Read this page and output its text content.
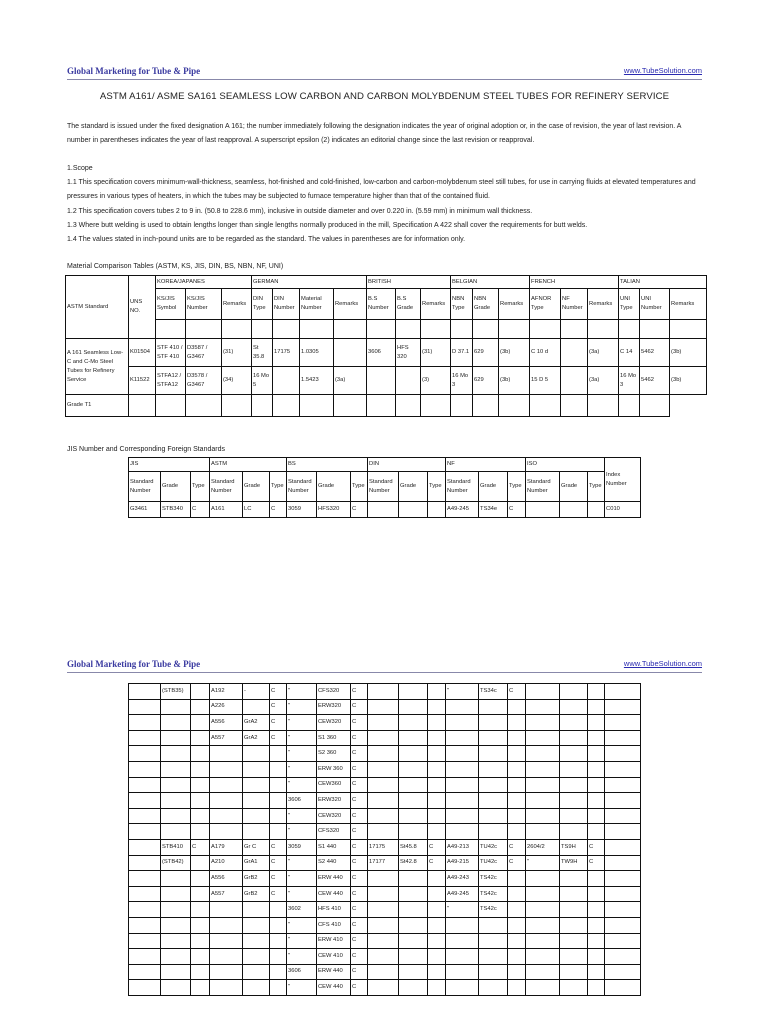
Global Marketing for Tube & Pipe	www.TubeSolution.com
ASTM A161/ ASME SA161 SEAMLESS LOW CARBON AND CARBON MOLYBDENUM STEEL TUBES FOR REFINERY SERVICE

The standard is issued under the fixed designation A 161; the number immediately following the designation indicates the year of original adoption or, in the case of revision, the year of last revision. A number in parentheses indicates the year of last reapproval. A superscript epsilon (2) indicates an editorial change since the last revision or reapproval.

1.Scope

1.1 This specification covers minimum-wall-thickness, seamless, hot-finished and cold-finished, low-carbon and carbon-molybdenum steel still tubes, for use in carrying fluids at elevated temperatures and pressures in various types of heaters, in which the tubes may be subjected to furnace temperature higher than that of the contained fluid.

1.2 This specification covers tubes 2 to 9 in. (50.8 to 228.6 mm), inclusive in outside diameter and over 0.220 in. (5.59 mm) in minimum wall thickness.

1.3 Where butt welding is used to obtain lengths longer than single lengths normally produced in the mill, Specification A 422 shall cover the requirements for butt welds.

1.4 The values stated in inch-pound units are to be regarded as the standard. The values in parentheses are for information only.

Material Comparison Tables (ASTM, KS, JIS, DIN, BS, NBN, NF, UNI)
ASTM Standard	UNS NO.	KOREA/JAPANES			GERMAN				BRITISH			BELGIAN			FRENCH			TALIAN		
		KS/JIS Symbol	KS/JIS Number	Remarks	DIN Type	DIN Number	Material Number	Remarks	B.S Number	B.S Grade	Remarks	NBN Type	NBN Grade	Remarks	AFNOR Type	NF Number	Remarks	UNI Type	UNI Number	Remarks

A 161 Seamless Low-C and C-Mo Steel Tubes for Refinery Service	K01504	STF 410 / STF 410	D3587 / G3467	(31)	St 35.8	17175	1.0305		3606	HFS 320	(31)	D 37.1	629	(3b)	C 10 d		(3a)	C 14	5462	(3b)
	K11522	STFA12 / STFA12	D3578 / G3467	(34)	16 Mo 5		1.5423	(3a)			(3)	16 Mo 3	629	(3b)	15 D 5		(3a)	16 Mo 3	5462	(3b)
Grade T1																				
JIS Number and Corresponding Foreign Standards
JIS			ASTM			BS			DIN			NF			ISO			Index Number
Standard Number	Grade	Type	Standard Number	Grade	Type	Standard Number	Grade	Type	Standard Number	Grade	Type	Standard Number	Grade	Type	Standard Number	Grade	Type	
G3461	STB340	C	A161	LC	C	3059	HFS320	C				A49-245	TS34e	C				C010
Global Marketing for Tube & Pipe	www.TubeSolution.com
	(STB35)		A192	-	C	"	CFS320	C				"	TS34c	C				
			A226		C	"	ERW320	C										
			A556	GrA2	C	"	CEW320	C										
			A557	GrA2	C	"	S1 360	C										
						"	S2 360	C										
						"	ERW 360	C										
						"	CEW360	C										
						3606	ERW320	C										
						"	CEW320	C										
						"	CFS320	C										
	STB410	C	A179	Gr C	C	3059	S1 440	C	17175	St45.8	C	A49-213	TU42c	C	2604/2	TS9H	C	
	(STB42)		A210	GrA1	C	"	S2 440	C	17177	St42.8	C	A49-215	TU42c	C	"	TW9H	C	
			A556	GrB2	C	"	ERW 440	C				A49-243	TS42c					
			A557	GrB2	C	"	CEW 440	C				A49-245	TS42c					
						3602	HFS 410	C				"	TS42c					
						"	CFS 410	C										
						"	ERW 410	C										
						"	CEW 410	C										
						3606	ERW 440	C										
						"	CEW 440	C										
